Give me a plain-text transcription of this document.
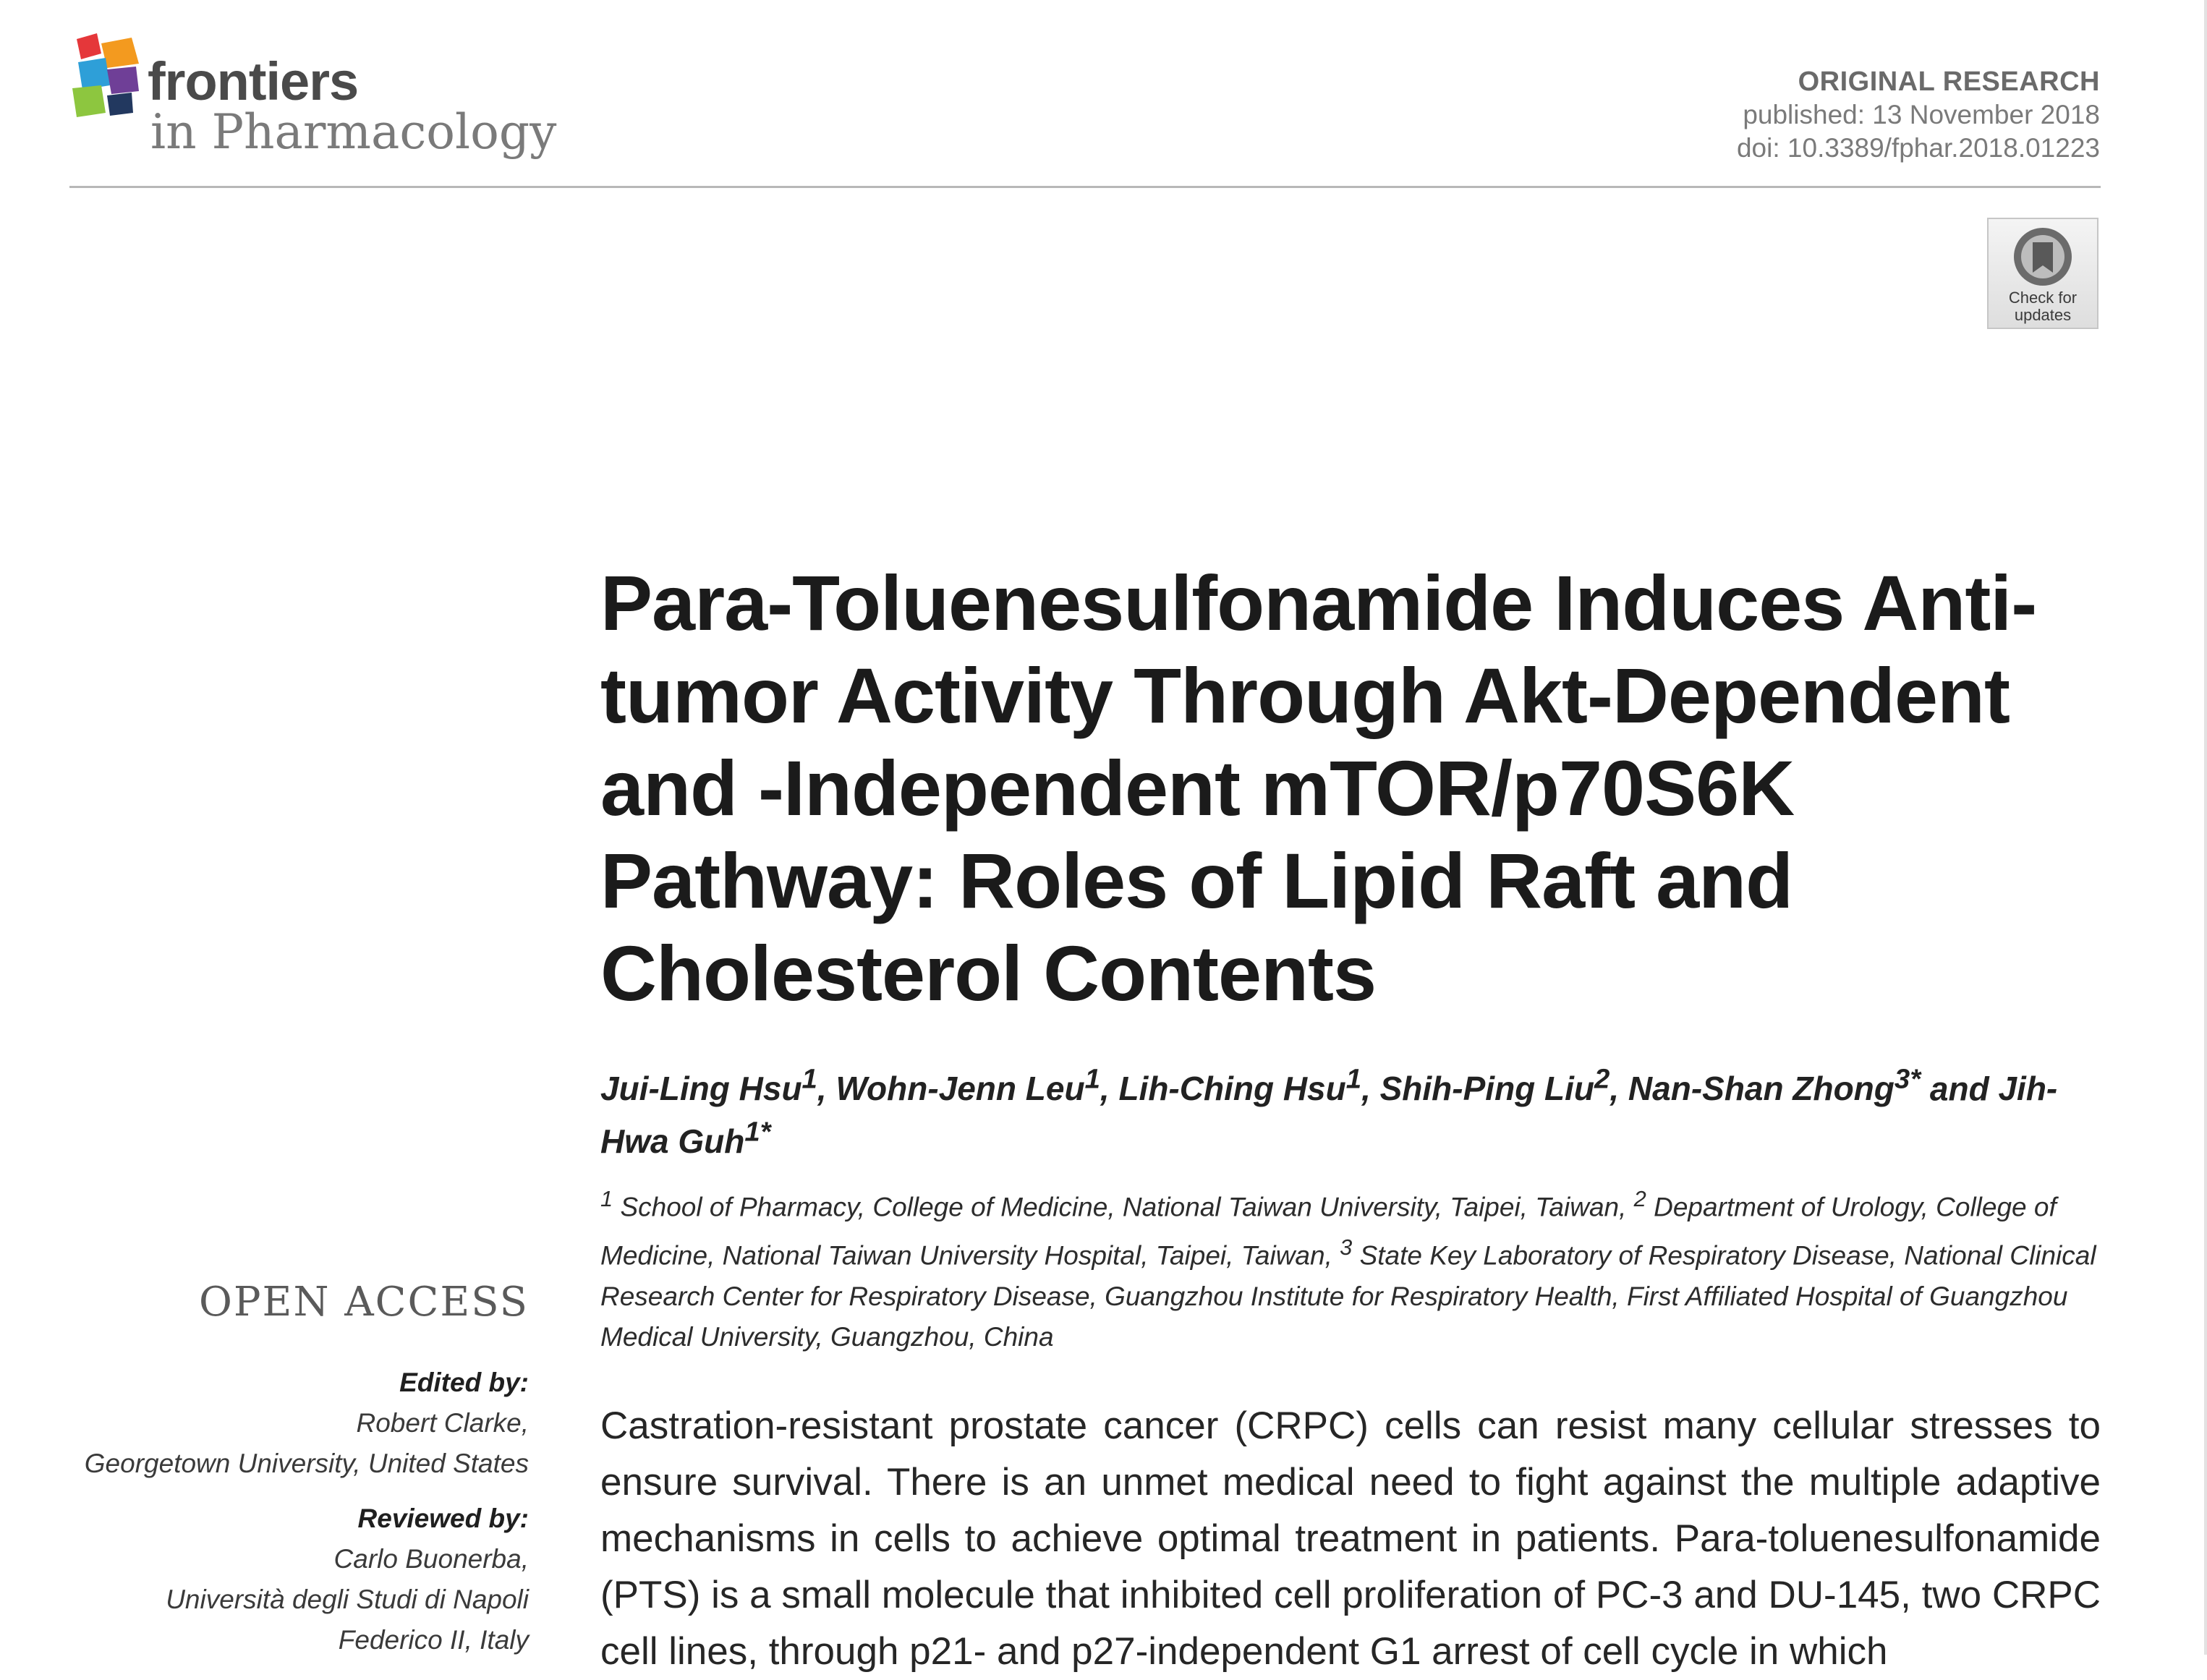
frontiers
in Pharmacology
ORIGINAL RESEARCH
published: 13 November 2018
doi: 10.3389/fphar.2018.01223
Check for
updates
Para-Toluenesulfonamide Induces Anti-tumor Activity Through Akt-Dependent and -Independent mTOR/p70S6K Pathway: Roles of Lipid Raft and Cholesterol Contents

Jui-Ling Hsu$^1$, Wohn-Jenn Leu$^1$, Lih-Ching Hsu$^1$, Shih-Ping Liu$^2$, Nan-Shan Zhong$^{3*}$ and Jih-Hwa Guh$^{1*}$

$^1$ School of Pharmacy, College of Medicine, National Taiwan University, Taipei, Taiwan, $^2$ Department of Urology, College of Medicine, National Taiwan University Hospital, Taipei, Taiwan, $^3$ State Key Laboratory of Respiratory Disease, National Clinical Research Center for Respiratory Disease, Guangzhou Institute for Respiratory Health, First Affiliated Hospital of Guangzhou Medical University, Guangzhou, China

OPEN ACCESS
Edited by:
Robert Clarke,
Georgetown University, United States
Reviewed by:
Carlo Buonerba,
Università degli Studi di Napoli
Federico II, Italy

Castration-resistant prostate cancer (CRPC) cells can resist many cellular stresses to ensure survival. There is an unmet medical need to fight against the multiple adaptive mechanisms in cells to achieve optimal treatment in patients. Para-toluenesulfonamide (PTS) is a small molecule that inhibited cell proliferation of PC-3 and DU-145, two CRPC cell lines, through p21- and p27-independent G1 arrest of cell cycle in which
